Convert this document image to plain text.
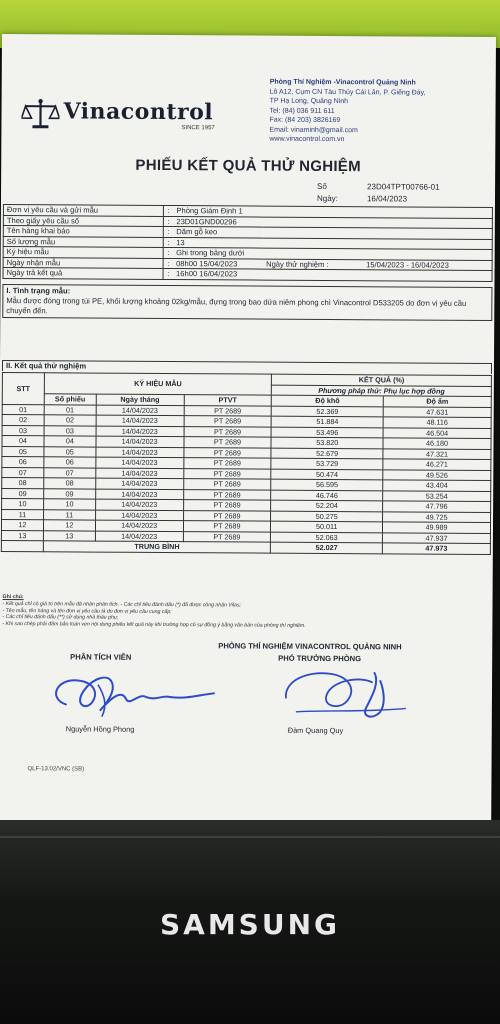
Vinacontrol
SINCE 1957
Phòng Thí Nghiệm -Vinacontrol Quảng Ninh
Lô A12, Cụm CN Tàu Thủy Cái Lân, P. Giếng Đáy,
TP Hạ Long, Quảng Ninh
Tel: (84) 036 911 611
Fax: (84 203) 3826169
Email: vinaminh@gmail.com
www.vinacontrol.com.vn
PHIẾU KẾT QUẢ THỬ NGHIỆM
Số	23D04TPT00766-01
Ngày:	16/04/2023
Đơn vị yêu cầu và gửi mẫu	:	Phòng Giám Định 1		
Theo giấy yêu cầu số	:	23D01GND00296		
Tên hàng khai báo	:	Dăm gỗ keo		
Số lượng mẫu	:	13		
Ký hiệu mẫu	:	Ghi trong bảng dưới		
Ngày nhận mẫu	:	08h00 15/04/2023	Ngày thử nghiệm :	15/04/2023 - 16/04/2023
Ngày trả kết quả	:	16h00 16/04/2023		
I. Tình trạng mẫu:
Mẫu được đóng trong túi PE, khối lượng khoảng 02kg/mẫu, đựng trong bao dứa niêm phong chì Vinacontrol D533205 do đơn vị yêu cầu chuyển đến.
II. Kết quả thử nghiệm
STT	KÝ HIỆU MẪU			KẾT QUẢ (%)	
				Phương pháp thử: Phụ lục hợp đồng	
	Số phiếu	Ngày tháng	PTVT	Độ khô	Độ ẩm
01	01	14/04/2023	PT 2689	52.369	47.631
02	02	14/04/2023	PT 2689	51.884	48.116
03	03	14/04/2023	PT 2689	53.496	46.504
04	04	14/04/2023	PT 2689	53.820	46.180
05	05	14/04/2023	PT 2689	52.679	47.321
06	06	14/04/2023	PT 2689	53.729	46.271
07	07	14/04/2023	PT 2689	50.474	49.526
08	08	14/04/2023	PT 2689	56.595	43.404
09	09	14/04/2023	PT 2689	46.746	53.254
10	10	14/04/2023	PT 2689	52.204	47.796
11	11	14/04/2023	PT 2689	50.275	49.725
12	12	14/04/2023	PT 2689	50.011	49.989
13	13	14/04/2023	PT 2689	52.063	47.937
	TRUNG BÌNH			52.027	47.973
Ghi chú:
- Kết quả chỉ có giá trị trên mẫu đã nhận phân tích. - Các chỉ tiêu đánh dấu (*) đã được công nhận Vilas;
- Tên mẫu, tên hàng và tên đơn vị yêu cầu là do đơn vị yêu cầu cung cấp;
- Các chỉ tiêu đánh dấu (**) sử dụng nhà thầu phụ;
- Khi sao chép phải đảm bảo toàn vẹn nội dung phiếu kết quả này khi trường hợp có sự đồng ý bằng văn bản của phòng thí nghiệm.
PHÒNG THÍ NGHIỆM VINACONTROL QUẢNG NINH
PHÂN TÍCH VIÊN	PHÓ TRƯỞNG PHÒNG
Nguyễn Hồng Phong	Đàm Quang Quy
QLF-13.02/VNC (SB)
SAMSUNG
